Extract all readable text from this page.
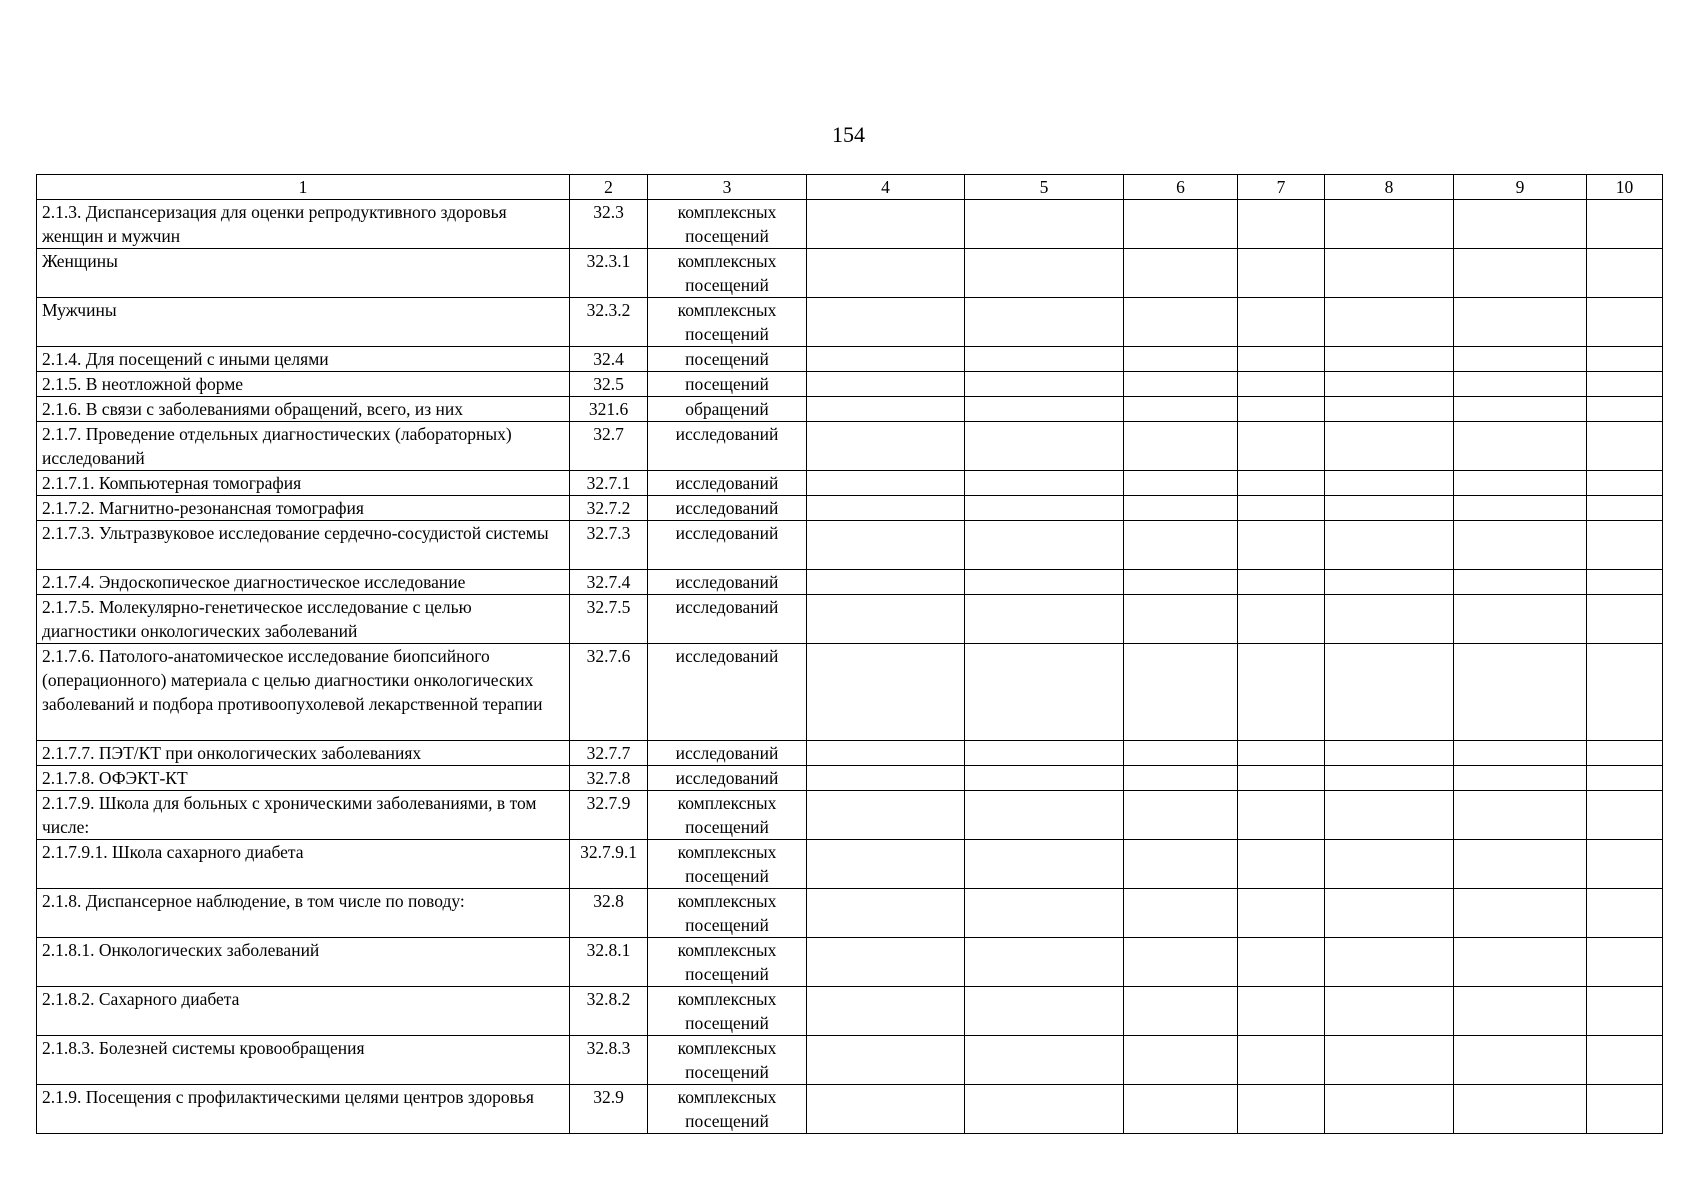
154
1	2	3	4	5	6	7	8	9	10
2.1.3. Диспансеризация для оценки репродуктивного здоровья женщин и мужчин	32.3	комплексных посещений							
Женщины	32.3.1	комплексных посещений							
Мужчины	32.3.2	комплексных посещений							
2.1.4. Для посещений с иными целями	32.4	посещений							
2.1.5. В неотложной форме	32.5	посещений							
2.1.6. В связи с заболеваниями обращений, всего, из них	321.6	обращений							
2.1.7. Проведение отдельных диагностических (лабораторных) исследований	32.7	исследований							
2.1.7.1. Компьютерная томография	32.7.1	исследований							
2.1.7.2. Магнитно-резонансная томография	32.7.2	исследований							
2.1.7.3. Ультразвуковое исследование сердечно-сосудистой системы	32.7.3	исследований							
2.1.7.4. Эндоскопическое диагностическое исследование	32.7.4	исследований							
2.1.7.5. Молекулярно-генетическое исследование с целью диагностики онкологических заболеваний	32.7.5	исследований							
2.1.7.6. Патолого-анатомическое исследование биопсийного (операционного) материала с целью диагностики онкологических заболеваний и подбора противоопухолевой лекарственной терапии	32.7.6	исследований							
2.1.7.7. ПЭТ/КТ при онкологических заболеваниях	32.7.7	исследований							
2.1.7.8. ОФЭКТ-КТ	32.7.8	исследований							
2.1.7.9. Школа для больных с хроническими заболеваниями, в том числе:	32.7.9	комплексных посещений							
2.1.7.9.1. Школа сахарного диабета	32.7.9.1	комплексных посещений							
2.1.8. Диспансерное наблюдение, в том числе по поводу:	32.8	комплексных посещений							
2.1.8.1. Онкологических заболеваний	32.8.1	комплексных посещений							
2.1.8.2. Сахарного диабета	32.8.2	комплексных посещений							
2.1.8.3. Болезней системы кровообращения	32.8.3	комплексных посещений							
2.1.9. Посещения с профилактическими целями центров здоровья	32.9	комплексных посещений							
